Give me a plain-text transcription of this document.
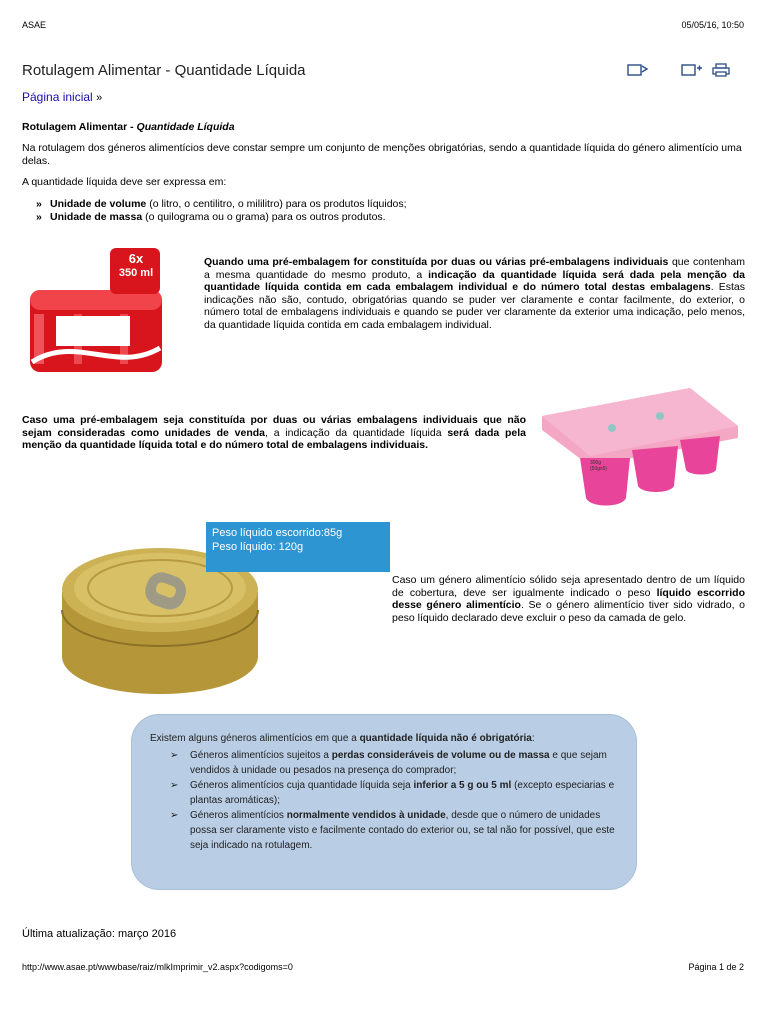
ASAE	05/05/16, 10:50
Rotulagem Alimentar - Quantidade Líquida
Página inicial »
Rotulagem Alimentar - Quantidade Líquida
Na rotulagem dos géneros alimentícios deve constar sempre um conjunto de menções obrigatórias, sendo a quantidade líquida do género alimentício uma delas.
A quantidade líquida deve ser expressa em:
» Unidade de volume (o litro, o centilitro, o mililitro) para os produtos líquidos;
» Unidade de massa (o quilograma ou o grama) para os outros produtos.
6x
350 ml
Quando uma pré-embalagem for constituída por duas ou várias pré-embalagens individuais que contenham a mesma quantidade do mesmo produto, a indicação da quantidade líquida será dada pela menção da quantidade líquida contida em cada embalagem individual e do número total destas embalagens. Estas indicações não são, contudo, obrigatórias quando se puder ver claramente e contar facilmente, do exterior, o número total de embalagens individuais e quando se puder ver claramente da exterior uma indicação, pelo menos, da quantidade líquida contida em cada embalagem individual.
Caso uma pré-embalagem seja constituída por duas ou várias embalagens individuais que não sejam consideradas como unidades de venda, a indicação da quantidade líquida será dada pela menção da quantidade líquida total e do número total de embalagens individuais.
300g
(50gx6)
Peso líquido escorrido:85g
Peso líquido: 120g
Caso um género alimentício sólido seja apresentado dentro de um líquido de cobertura, deve ser igualmente indicado o peso líquido escorrido desse género alimentício. Se o género alimentício tiver sido vidrado, o peso líquido declarado deve excluir o peso da camada de gelo.
Existem alguns géneros alimentícios em que a quantidade líquida não é obrigatória:
➢ Géneros alimentícios sujeitos a perdas consideráveis de volume ou de massa e que sejam vendidos à unidade ou pesados na presença do comprador;
➢ Géneros alimentícios cuja quantidade líquida seja inferior a 5 g ou 5 ml (excepto especiarias e plantas aromáticas);
➢ Géneros alimentícios normalmente vendidos à unidade, desde que o número de unidades possa ser claramente visto e facilmente contado do exterior ou, se tal não for possível, que este seja indicado na rotulagem.
Última atualização: março 2016
http://www.asae.pt/wwwbase/raiz/mlkImprimir_v2.aspx?codigoms=0	Página 1 de 2
